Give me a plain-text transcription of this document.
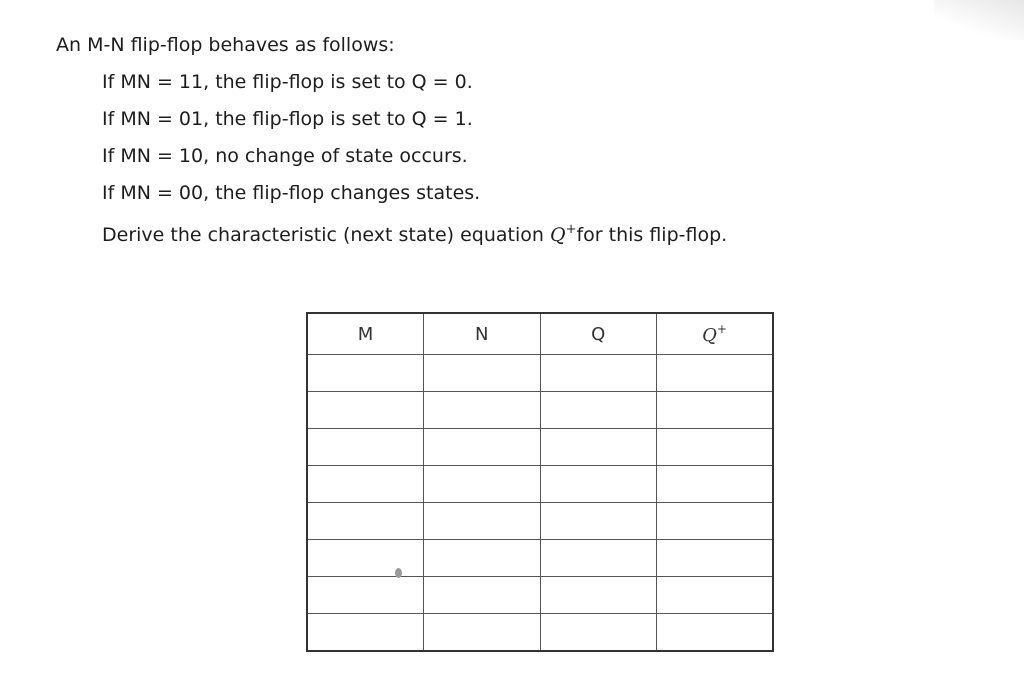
An M-N flip-flop behaves as follows:

If MN = 11, the flip-flop is set to Q = 0.
If MN = 01, the flip-flop is set to Q = 1.
If MN = 10, no change of state occurs.
If MN = 00, the flip-flop changes states.

Derive the characteristic (next state) equation Q+for this flip-flop.

M	N	Q	Q+
